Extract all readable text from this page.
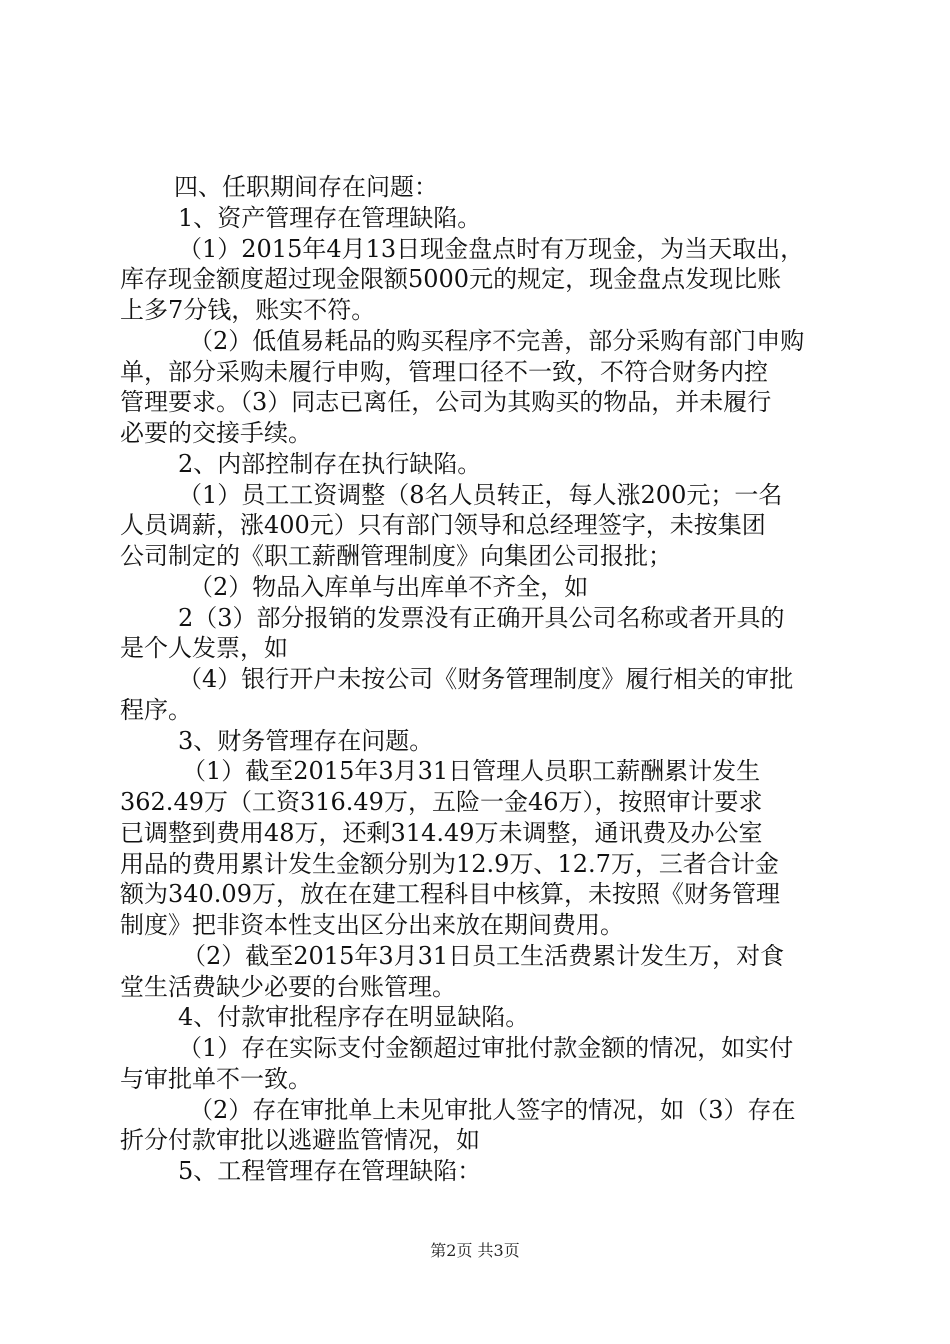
四、任职期间存在问题：
1、资产管理存在管理缺陷。
（1）2015年4月13日现金盘点时有万现金，为当天取出，
库存现金额度超过现金限额5000元的规定，现金盘点发现比账
上多7分钱，账实不符。
（2）低值易耗品的购买程序不完善，部分采购有部门申购
单，部分采购未履行申购，管理口径不一致，不符合财务内控
管理要求。（3）同志已离任，公司为其购买的物品，并未履行
必要的交接手续。
2、内部控制存在执行缺陷。
（1）员工工资调整（8名人员转正，每人涨200元；一名
人员调薪，涨400元）只有部门领导和总经理签字，未按集团
公司制定的《职工薪酬管理制度》向集团公司报批；
（2）物品入库单与出库单不齐全，如
2（3）部分报销的发票没有正确开具公司名称或者开具的
是个人发票，如
（4）银行开户未按公司《财务管理制度》履行相关的审批
程序。
3、财务管理存在问题。
（1）截至2015年3月31日管理人员职工薪酬累计发生
362.49万（工资316.49万，五险一金46万），按照审计要求
已调整到费用48万，还剩314.49万未调整，通讯费及办公室
用品的费用累计发生金额分别为12.9万、12.7万，三者合计金
额为340.09万，放在在建工程科目中核算，未按照《财务管理
制度》把非资本性支出区分出来放在期间费用。
（2）截至2015年3月31日员工生活费累计发生万，对食
堂生活费缺少必要的台账管理。
4、付款审批程序存在明显缺陷。
（1）存在实际支付金额超过审批付款金额的情况，如实付
与审批单不一致。
（2）存在审批单上未见审批人签字的情况，如（3）存在
折分付款审批以逃避监管情况，如
5、工程管理存在管理缺陷：
第2页 共3页
